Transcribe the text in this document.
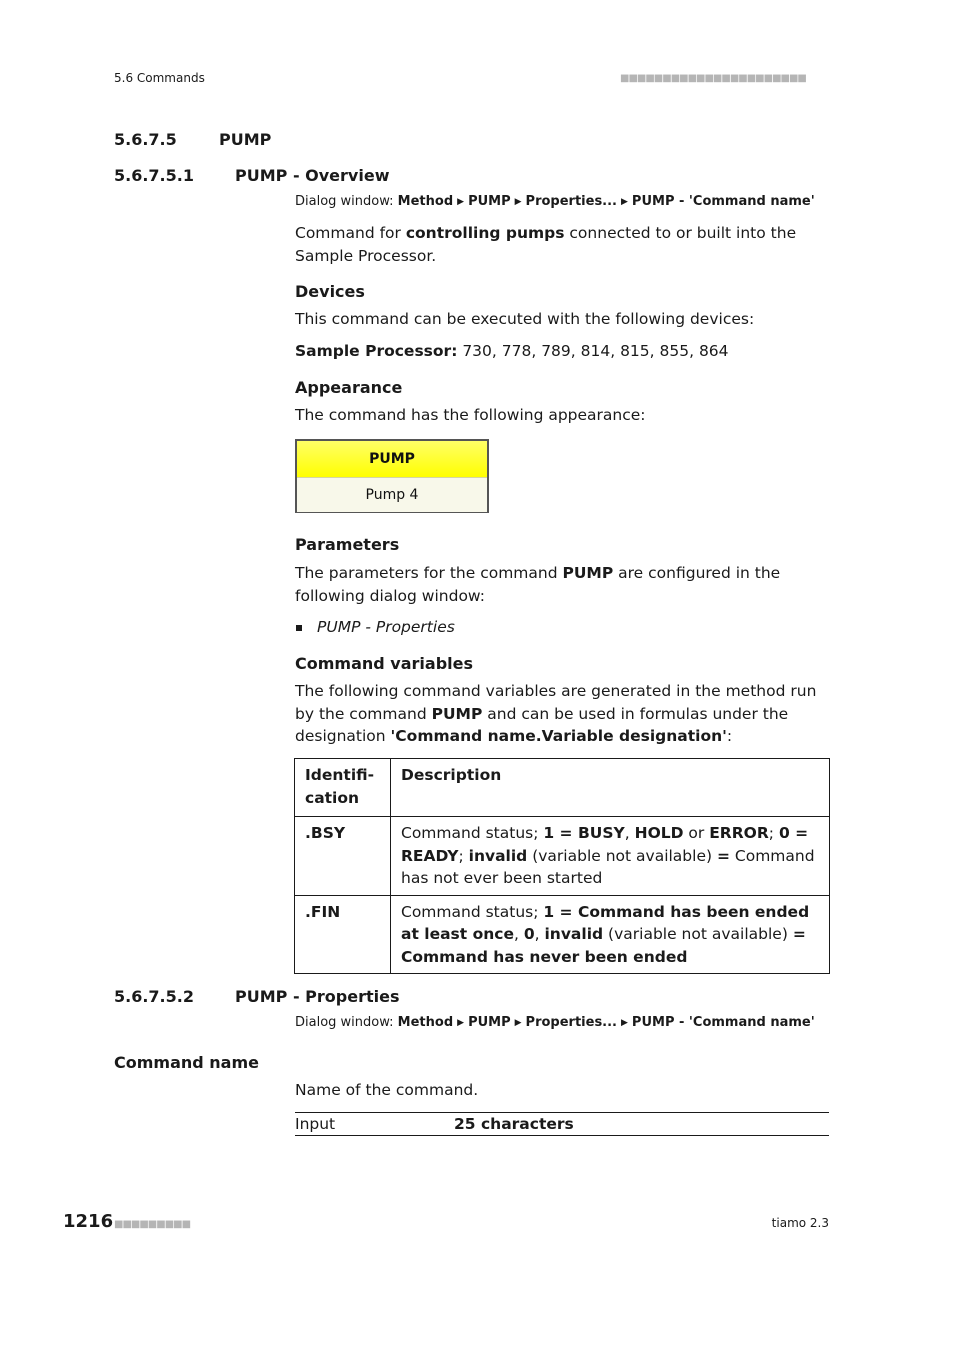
5.6 Commands	■■■■■■■■■■■■■■■■■■■■■■
5.6.7.5	PUMP
5.6.7.5.1	PUMP - Overview
Dialog window: Method ▶ PUMP ▶ Properties... ▶ PUMP - 'Command name'
Command for controlling pumps connected to or built into the Sample Processor.
Devices
This command can be executed with the following devices:
Sample Processor: 730, 778, 789, 814, 815, 855, 864
Appearance
The command has the following appearance:
PUMP
Pump 4
Parameters
The parameters for the command PUMP are configured in the following dialog window:
PUMP - Properties
Command variables
The following command variables are generated in the method run by the command PUMP and can be used in formulas under the designation 'Command name.Variable designation':
Identifi-
cation	Description
.BSY	Command status; 1 = BUSY, HOLD or ERROR; 0 = READY; invalid (variable not available) = Command has not ever been started
.FIN	Command status; 1 = Command has been ended at least once, 0, invalid (variable not available) = Command has never been ended
5.6.7.5.2	PUMP - Properties
Dialog window: Method ▶ PUMP ▶ Properties... ▶ PUMP - 'Command name'
Command name
Name of the command.
Input	25 characters
1216 ■■■■■■■■■	tiamo 2.3
